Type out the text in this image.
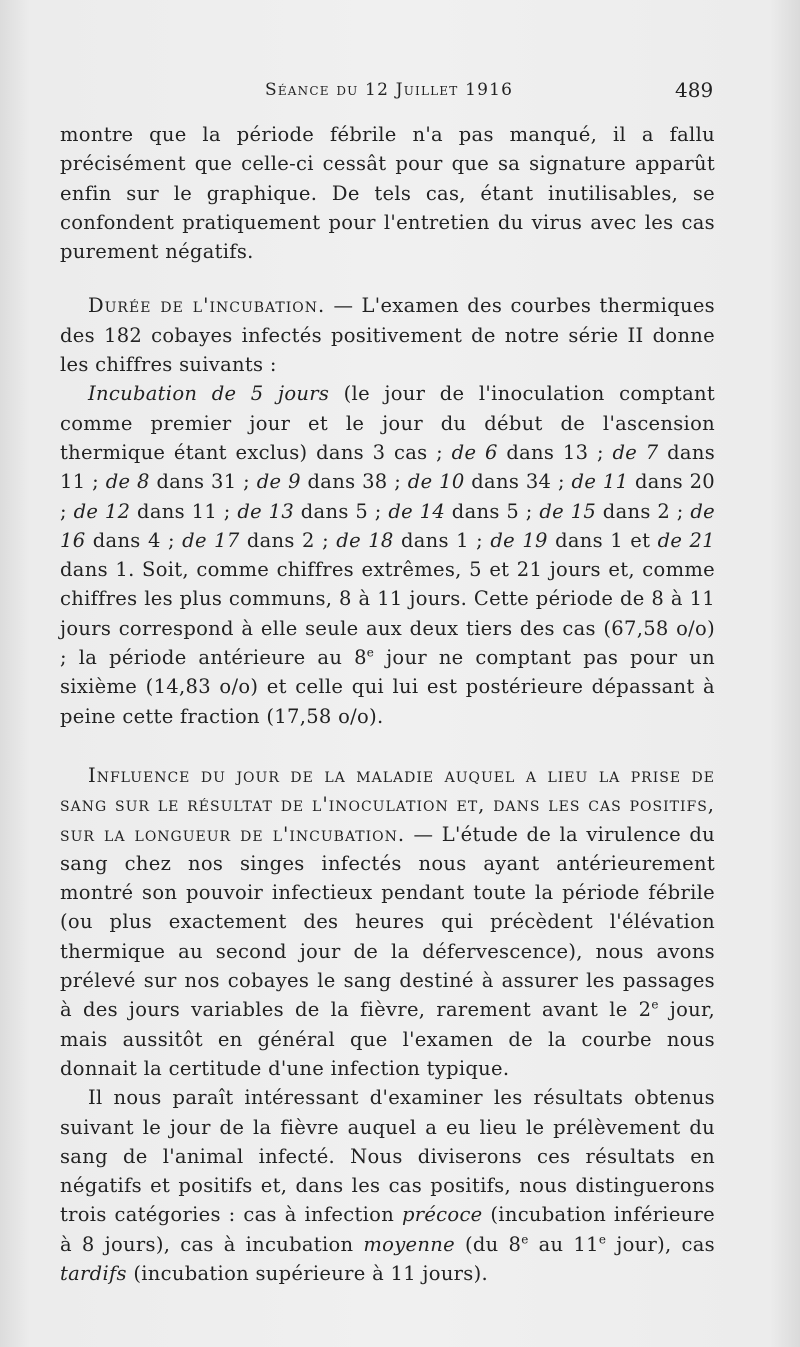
Séance du 12 Juillet 1916	489

montre que la période fébrile n'a pas manqué, il a fallu précisément que celle-ci cessât pour que sa signature apparût enfin sur le graphique. De tels cas, étant inutilisables, se confondent pratiquement pour l'entretien du virus avec les cas purement négatifs.

Durée de l'incubation. — L'examen des courbes thermiques des 182 cobayes infectés positivement de notre série II donne les chiffres suivants :

Incubation de 5 jours (le jour de l'inoculation comptant comme premier jour et le jour du début de l'ascension thermique étant exclus) dans 3 cas ; de 6 dans 13 ; de 7 dans 11 ; de 8 dans 31 ; de 9 dans 38 ; de 10 dans 34 ; de 11 dans 20 ; de 12 dans 11 ; de 13 dans 5 ; de 14 dans 5 ; de 15 dans 2 ; de 16 dans 4 ; de 17 dans 2 ; de 18 dans 1 ; de 19 dans 1 et de 21 dans 1. Soit, comme chiffres extrêmes, 5 et 21 jours et, comme chiffres les plus communs, 8 à 11 jours. Cette période de 8 à 11 jours correspond à elle seule aux deux tiers des cas (67,58 o/o) ; la période antérieure au 8e jour ne comptant pas pour un sixième (14,83 o/o) et celle qui lui est postérieure dépassant à peine cette fraction (17,58 o/o).

Influence du jour de la maladie auquel a lieu la prise de sang sur le résultat de l'inoculation et, dans les cas positifs, sur la longueur de l'incubation. — L'étude de la virulence du sang chez nos singes infectés nous ayant antérieurement montré son pouvoir infectieux pendant toute la période fébrile (ou plus exactement des heures qui précèdent l'élévation thermique au second jour de la défervescence), nous avons prélevé sur nos cobayes le sang destiné à assurer les passages à des jours variables de la fièvre, rarement avant le 2e jour, mais aussitôt en général que l'examen de la courbe nous donnait la certitude d'une infection typique.

Il nous paraît intéressant d'examiner les résultats obtenus suivant le jour de la fièvre auquel a eu lieu le prélèvement du sang de l'animal infecté. Nous diviserons ces résultats en négatifs et positifs et, dans les cas positifs, nous distinguerons trois catégories : cas à infection précoce (incubation inférieure à 8 jours), cas à incubation moyenne (du 8e au 11e jour), cas tardifs (incubation supérieure à 11 jours).
